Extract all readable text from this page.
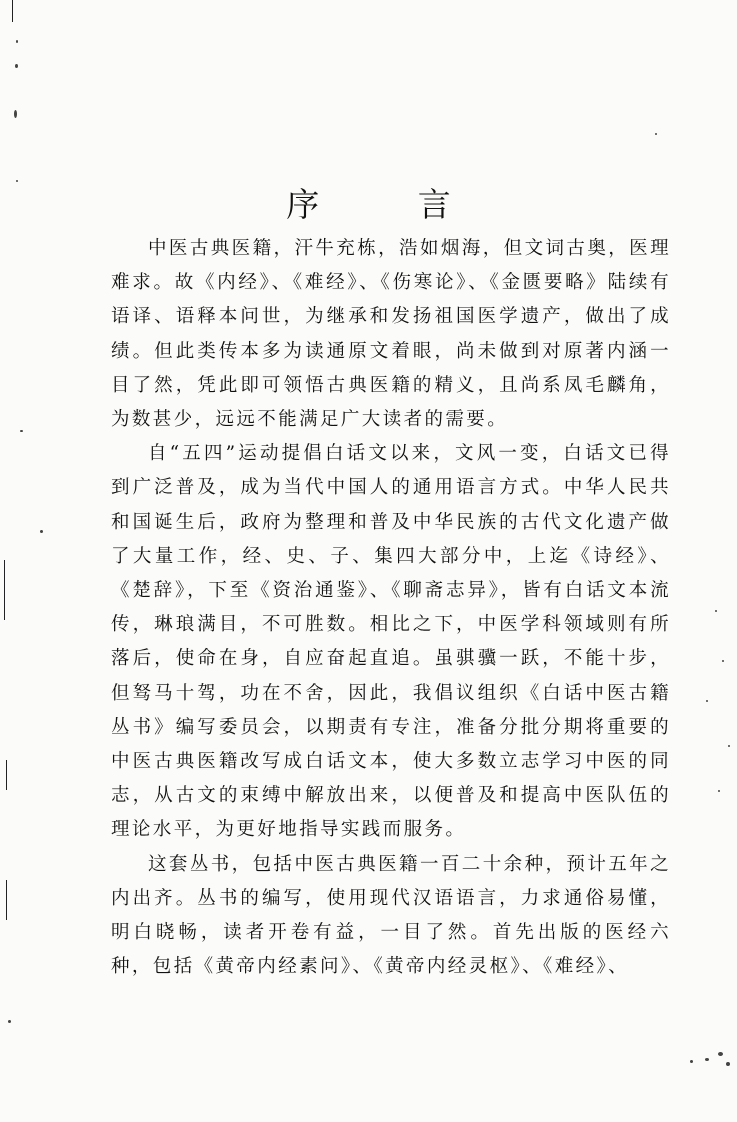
序 言

中医古典医籍，汗牛充栋，浩如烟海，但文词古奥，医理难求。故《内经》、《难经》、《伤寒论》、《金匮要略》陆续有语译、语释本问世，为继承和发扬祖国医学遗产，做出了成绩。但此类传本多为读通原文着眼，尚未做到对原著内涵一目了然，凭此即可领悟古典医籍的精义，且尚系凤毛麟角，为数甚少，远远不能满足广大读者的需要。

自“五四”运动提倡白话文以来，文风一变，白话文已得到广泛普及，成为当代中国人的通用语言方式。中华人民共和国诞生后，政府为整理和普及中华民族的古代文化遗产做了大量工作，经、史、子、集四大部分中，上迄《诗经》、《楚辞》，下至《资治通鉴》、《聊斋志异》，皆有白话文本流传，琳琅满目，不可胜数。相比之下，中医学科领域则有所落后，使命在身，自应奋起直追。虽骐骥一跃，不能十步，但驽马十驾，功在不舍，因此，我倡议组织《白话中医古籍丛书》编写委员会，以期责有专注，准备分批分期将重要的中医古典医籍改写成白话文本，使大多数立志学习中医的同志，从古文的束缚中解放出来，以便普及和提高中医队伍的理论水平，为更好地指导实践而服务。

这套丛书，包括中医古典医籍一百二十余种，预计五年之内出齐。丛书的编写，使用现代汉语语言，力求通俗易懂，明白晓畅，读者开卷有益，一目了然。首先出版的医经六种，包括《黄帝内经素问》、《黄帝内经灵枢》、《难经》、
